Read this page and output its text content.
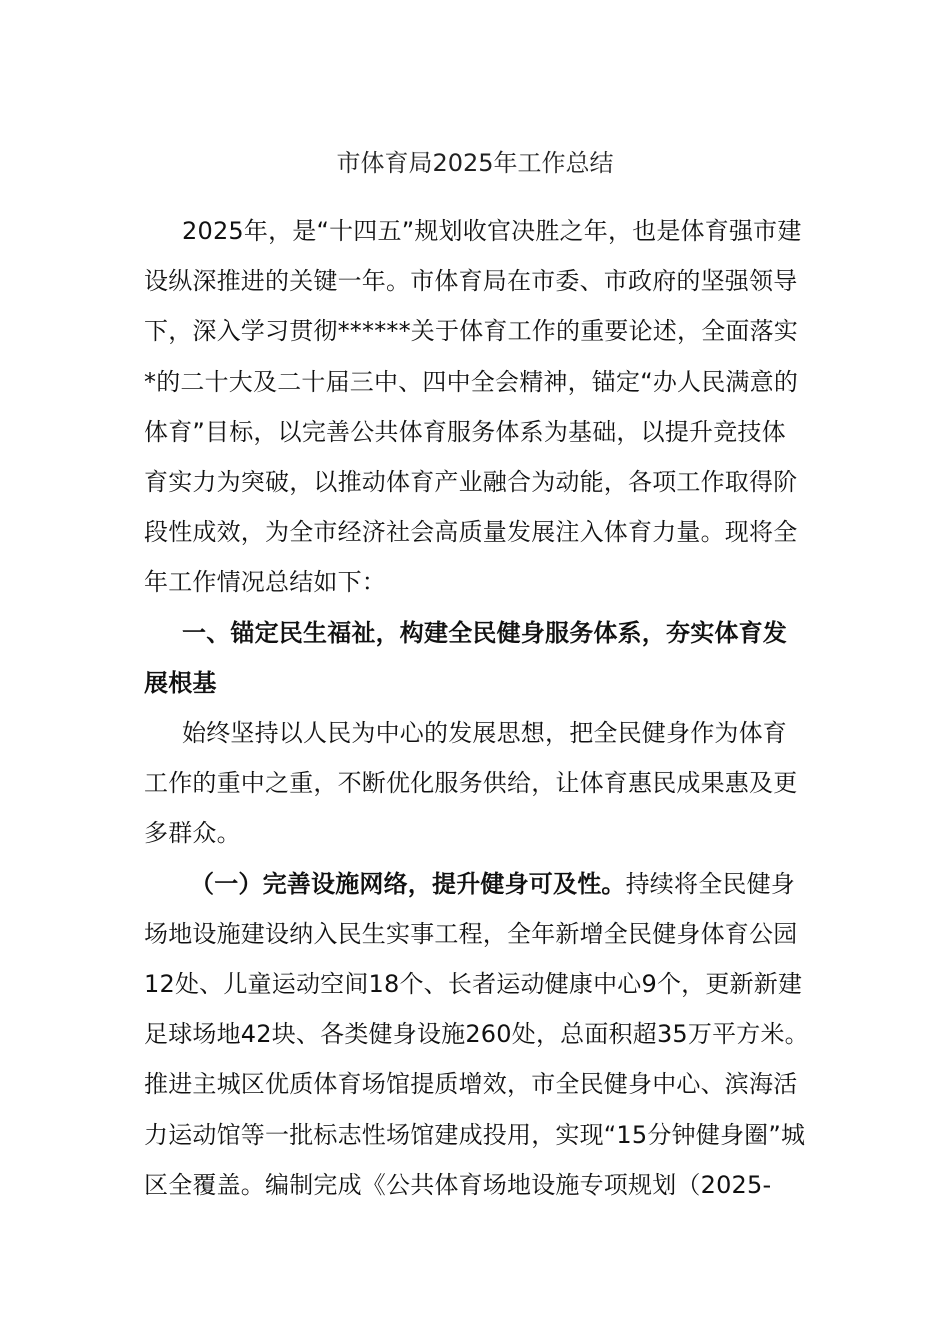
市体育局2025年工作总结

2025年，是“十四五”规划收官决胜之年，也是体育强市建设纵深推进的关键一年。市体育局在市委、市政府的坚强领导下，深入学习贯彻******关于体育工作的重要论述，全面落实*的二十大及二十届三中、四中全会精神，锚定“办人民满意的体育”目标，以完善公共体育服务体系为基础，以提升竞技体育实力为突破，以推动体育产业融合为动能，各项工作取得阶段性成效，为全市经济社会高质量发展注入体育力量。现将全年工作情况总结如下：

一、锚定民生福祉，构建全民健身服务体系，夯实体育发展根基

始终坚持以人民为中心的发展思想，把全民健身作为体育工作的重中之重，不断优化服务供给，让体育惠民成果惠及更多群众。

（一）完善设施网络，提升健身可及性。持续将全民健身场地设施建设纳入民生实事工程，全年新增全民健身体育公园12处、儿童运动空间18个、长者运动健康中心9个，更新新建足球场地42块、各类健身设施260处，总面积超35万平方米。推进主城区优质体育场馆提质增效，市全民健身中心、滨海活力运动馆等一批标志性场馆建成投用，实现“15分钟健身圈”城区全覆盖。编制完成《公共体育场地设施专项规划（2025-
